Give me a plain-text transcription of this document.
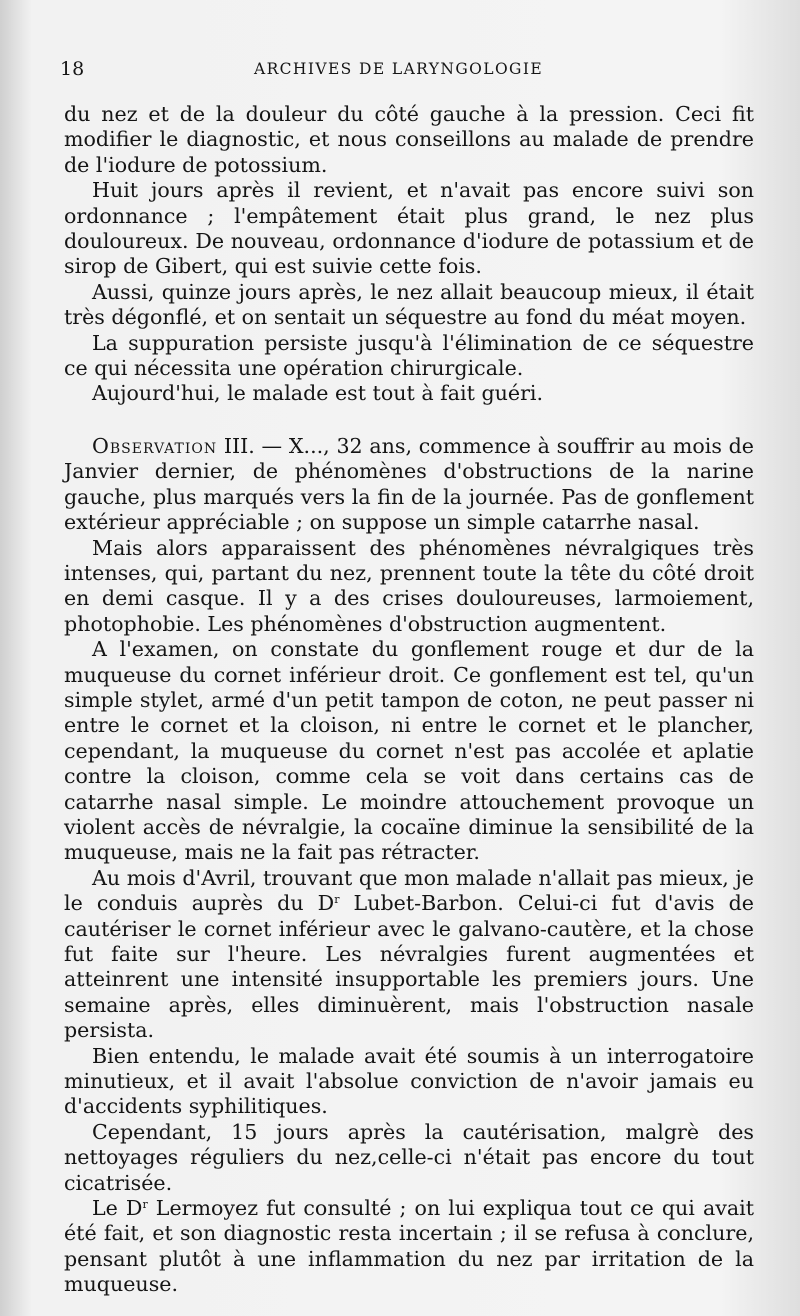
18	ARCHIVES DE LARYNGOLOGIE

du nez et de la douleur du côté gauche à la pression. Ceci fit modifier le diagnostic, et nous conseillons au malade de prendre de l'iodure de potossium.

Huit jours après il revient, et n'avait pas encore suivi son ordonnance ; l'empâtement était plus grand, le nez plus douloureux. De nouveau, ordonnance d'iodure de potassium et de sirop de Gibert, qui est suivie cette fois.

Aussi, quinze jours après, le nez allait beaucoup mieux, il était très dégonflé, et on sentait un séquestre au fond du méat moyen.

La suppuration persiste jusqu'à l'élimination de ce séquestre ce qui nécessita une opération chirurgicale.

Aujourd'hui, le malade est tout à fait guéri.

Observation III. — X..., 32 ans, commence à souffrir au mois de Janvier dernier, de phénomènes d'obstructions de la narine gauche, plus marqués vers la fin de la journée. Pas de gonflement extérieur appréciable ; on suppose un simple catarrhe nasal.

Mais alors apparaissent des phénomènes névralgiques très intenses, qui, partant du nez, prennent toute la tête du côté droit en demi casque. Il y a des crises douloureuses, larmoiement, photophobie. Les phénomènes d'obstruction augmentent.

A l'examen, on constate du gonflement rouge et dur de la muqueuse du cornet inférieur droit. Ce gonflement est tel, qu'un simple stylet, armé d'un petit tampon de coton, ne peut passer ni entre le cornet et la cloison, ni entre le cornet et le plancher, cependant, la muqueuse du cornet n'est pas accolée et aplatie contre la cloison, comme cela se voit dans certains cas de catarrhe nasal simple. Le moindre attouchement provoque un violent accès de névralgie, la cocaïne diminue la sensibilité de la muqueuse, mais ne la fait pas rétracter.

Au mois d'Avril, trouvant que mon malade n'allait pas mieux, je le conduis auprès du $D^r$ Lubet-Barbon. Celui-ci fut d'avis de cautériser le cornet inférieur avec le galvano-cautère, et la chose fut faite sur l'heure. Les névralgies furent augmentées et atteinrent une intensité insupportable les premiers jours. Une semaine après, elles diminuèrent, mais l'obstruction nasale persista.

Bien entendu, le malade avait été soumis à un interrogatoire minutieux, et il avait l'absolue conviction de n'avoir jamais eu d'accidents syphilitiques.

Cependant, 15 jours après la cautérisation, malgrè des nettoyages réguliers du nez,celle-ci n'était pas encore du tout cicatrisée.

Le $D^r$ Lermoyez fut consulté ; on lui expliqua tout ce qui avait été fait, et son diagnostic resta incertain ; il se refusa à conclure, pensant plutôt à une inflammation du nez par irritation de la muqueuse.
